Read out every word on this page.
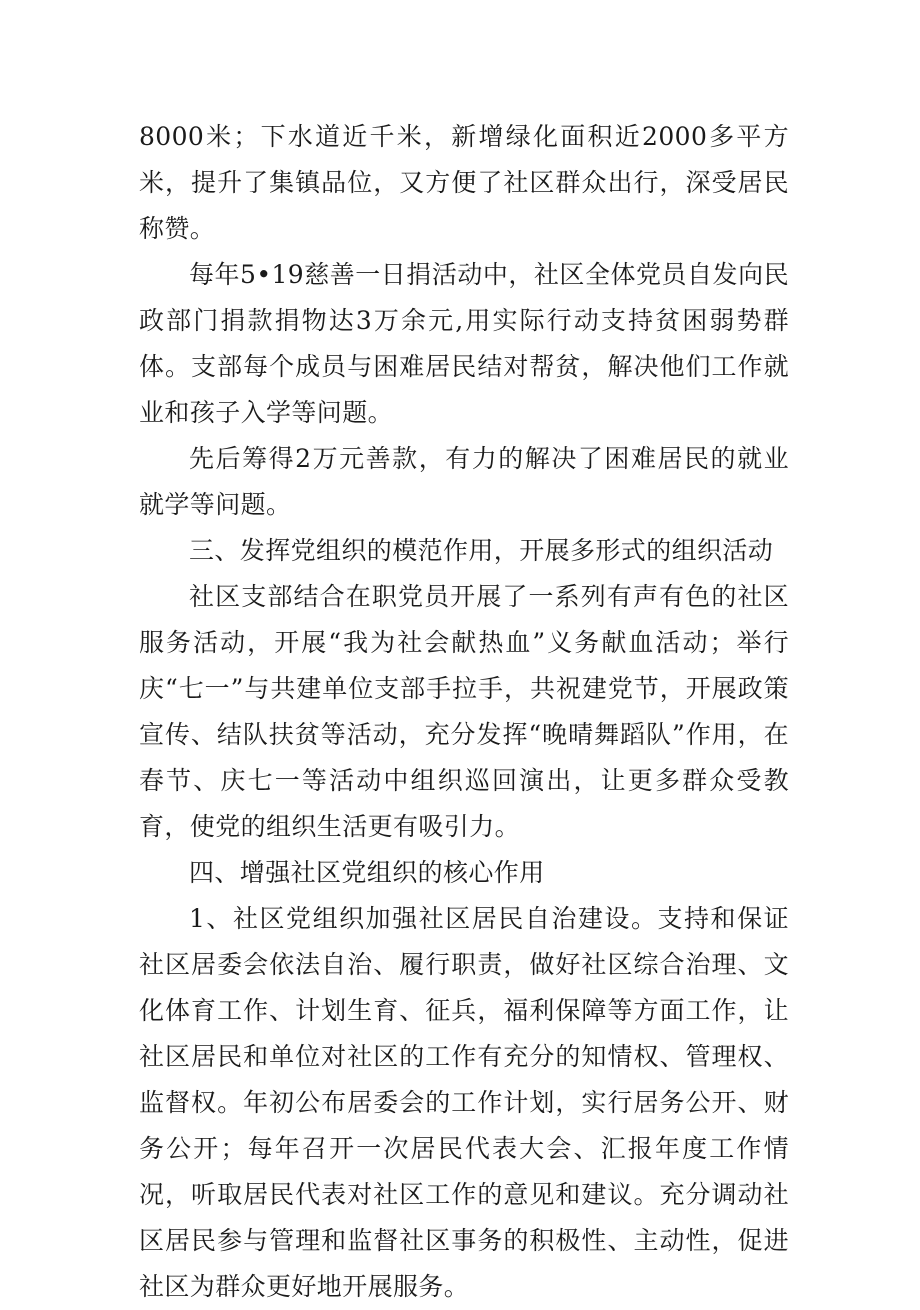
8000米；下水道近千米，新增绿化面积近2000多平方米，提升了集镇品位，又方便了社区群众出行，深受居民称赞。

每年5•19慈善一日捐活动中，社区全体党员自发向民政部门捐款捐物达3万余元,用实际行动支持贫困弱势群体。支部每个成员与困难居民结对帮贫，解决他们工作就业和孩子入学等问题。

先后筹得2万元善款，有力的解决了困难居民的就业就学等问题。

三、发挥党组织的模范作用，开展多形式的组织活动

社区支部结合在职党员开展了一系列有声有色的社区服务活动，开展“我为社会献热血”义务献血活动；举行庆“七一”与共建单位支部手拉手，共祝建党节，开展政策宣传、结队扶贫等活动，充分发挥“晚晴舞蹈队”作用，在春节、庆七一等活动中组织巡回演出，让更多群众受教育，使党的组织生活更有吸引力。

四、增强社区党组织的核心作用

1、社区党组织加强社区居民自治建设。支持和保证社区居委会依法自治、履行职责，做好社区综合治理、文化体育工作、计划生育、征兵，福利保障等方面工作，让社区居民和单位对社区的工作有充分的知情权、管理权、监督权。年初公布居委会的工作计划，实行居务公开、财务公开；每年召开一次居民代表大会、汇报年度工作情况，听取居民代表对社区工作的意见和建议。充分调动社区居民参与管理和监督社区事务的积极性、主动性，促进社区为群众更好地开展服务。
